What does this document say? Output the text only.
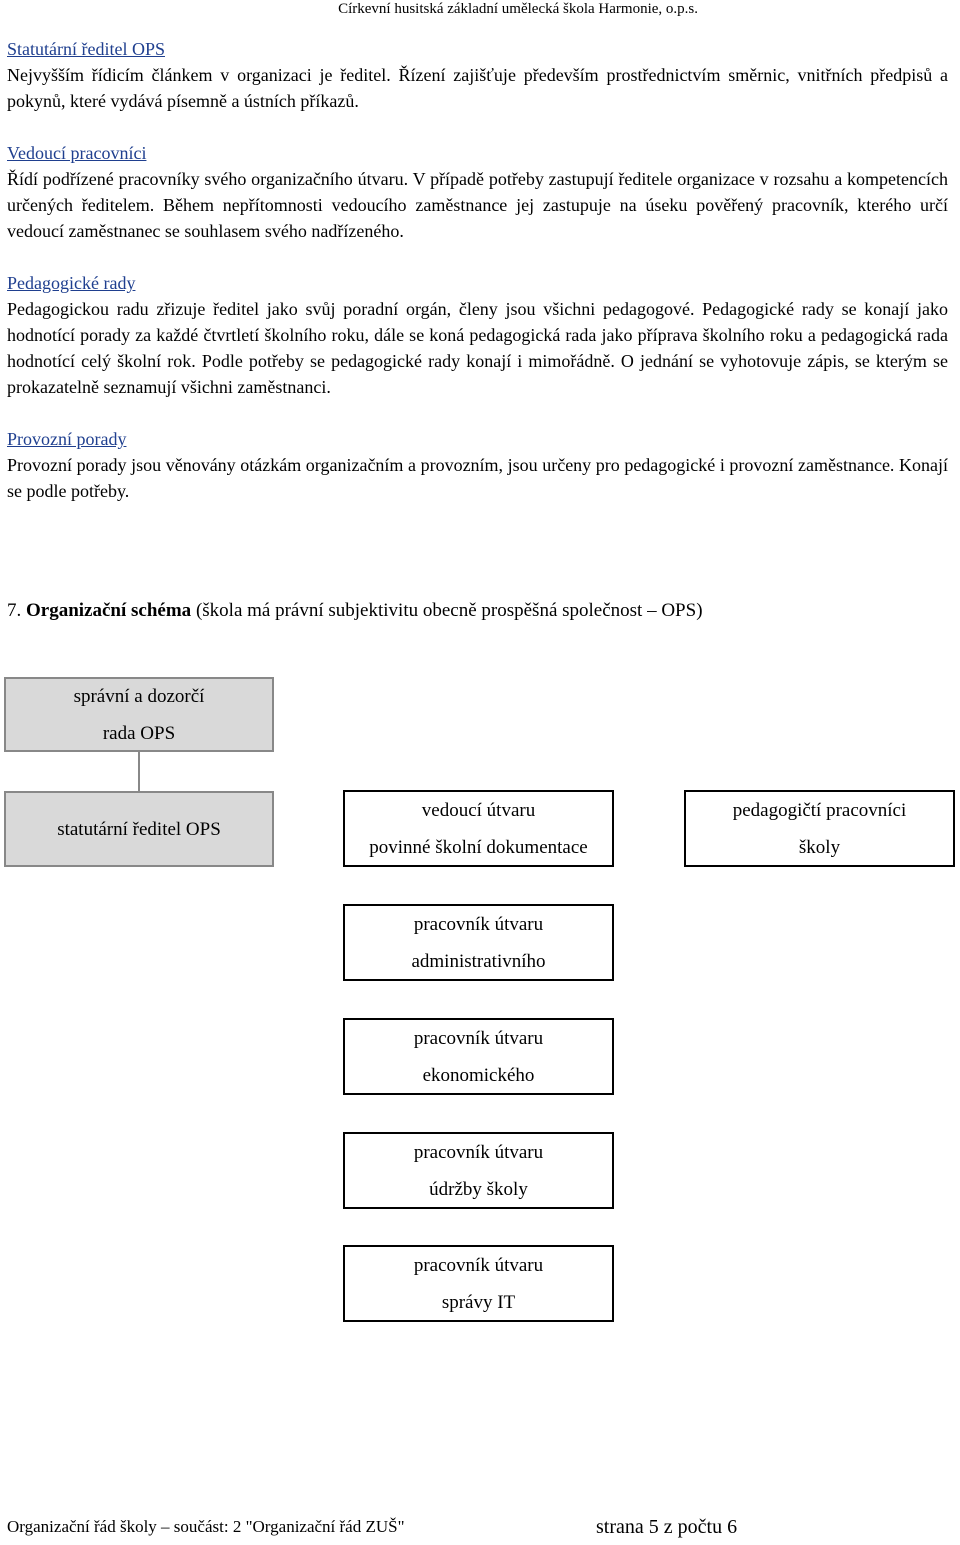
Církevní husitská základní umělecká škola Harmonie, o.p.s.

Statutární ředitel OPS

Nejvyšším řídicím článkem v organizaci je ředitel. Řízení zajišťuje především prostřednictvím směrnic, vnitřních předpisů a pokynů, které vydává písemně a ústních příkazů.

Vedoucí pracovníci

Řídí podřízené pracovníky svého organizačního útvaru. V případě potřeby zastupují ředitele organizace v rozsahu a kompetencích určených ředitelem. Během nepřítomnosti vedoucího zaměstnance jej zastupuje na úseku pověřený pracovník, kterého určí vedoucí zaměstnanec se souhlasem svého nadřízeného.

Pedagogické rady

Pedagogickou radu zřizuje ředitel jako svůj poradní orgán, členy jsou všichni pedagogové. Pedagogické rady se konají jako hodnotící porady za každé čtvrtletí školního roku, dále se koná pedagogická rada jako příprava školního roku a pedagogická rada hodnotící celý školní rok. Podle potřeby se pedagogické rady konají i mimořádně. O jednání se vyhotovuje zápis, se kterým se prokazatelně seznamují všichni zaměstnanci.

Provozní porady

Provozní porady jsou věnovány otázkám organizačním a provozním, jsou určeny pro pedagogické i provozní zaměstnance. Konají se podle potřeby.

7. Organizační schéma (škola má právní subjektivitu obecně prospěšná společnost – OPS)
správní a dozorčí
rada OPS
statutární ředitel OPS
vedoucí útvaru
povinné školní dokumentace
pedagogičtí pracovníci
školy
pracovník útvaru
administrativního
pracovník útvaru
ekonomického
pracovník útvaru
údržby školy
pracovník útvaru
správy IT
Organizační řád školy – součást: 2 "Organizační řád ZUŠ"	strana 5 z počtu 6
